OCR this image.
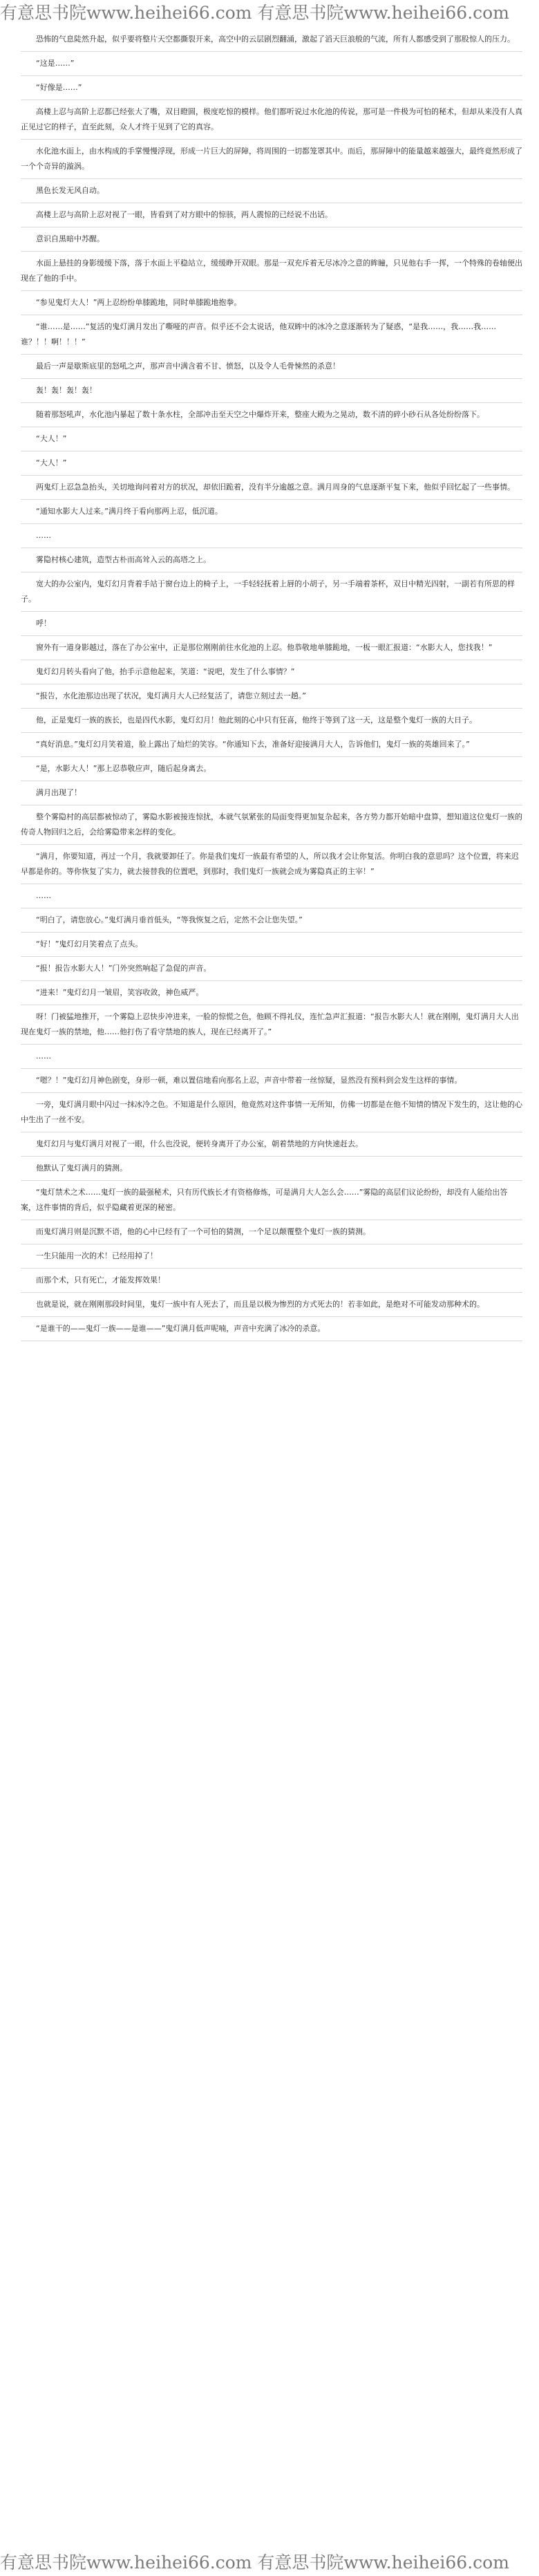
有意思书院www.heihei66.com 有意思书院www.heihei66.com
恐怖的气息陡然升起，似乎要将整片天空都撕裂开来，高空中的云层剧烈翻涌，激起了滔天巨浪般的气流，所有人都感受到了那股惊人的压力。
“这是……”
“好像是……”
高楼上忍与高阶上忍都已经张大了嘴，双目瞪圆，极度吃惊的模样。他们都听说过水化池的传说，那可是一件极为可怕的秘术，但却从来没有人真正见过它的样子，直至此刻，众人才终于见到了它的真容。
水化池水面上，由水构成的手掌慢慢浮现，形成一片巨大的屏障，将周围的一切都笼罩其中。而后，那屏障中的能量越来越强大，最终竟然形成了一个个奇异的漩涡。
黑色长发无风自动。
高楼上忍与高阶上忍对视了一眼，皆看到了对方眼中的惊骇，两人震惊的已经说不出话。
意识自黑暗中苏醒。
水面上悬挂的身影缓缓下落，落于水面上平稳站立，缓缓睁开双眼。那是一双充斥着无尽冰冷之意的眸瞳，只见他右手一挥，一个特殊的卷轴便出现在了他的手中。
“参见鬼灯大人！”两上忍纷纷单膝跪地，同时单膝跪地抱拳。
“谁……是……”复活的鬼灯满月发出了嘶哑的声音。似乎还不会太说话，他双眸中的冰冷之意逐渐转为了疑惑，“是我……，我……我……谁？！！啊！！！”
最后一声是歇斯底里的怒吼之声，那声音中满含着不甘、愤怒，以及令人毛骨悚然的杀意！
轰！轰！轰！轰！
随着那怒吼声，水化池内暴起了数十条水柱，全部冲击至天空之中爆炸开来，整座大殿为之晃动，数不清的碎小砂石从各处纷纷落下。
“大人！”
“大人！”
两鬼灯上忍急急抬头，关切地询问着对方的状况，却依旧跪着，没有半分逾越之意。满月周身的气息逐渐平复下来，他似乎回忆起了一些事情。
“通知水影大人过来。”满月终于看向那两上忍，低沉道。
……
雾隐村核心建筑，造型古朴而高耸入云的高塔之上。
宽大的办公室内，鬼灯幻月背着手站于窗台边上的椅子上，一手轻轻抚着上唇的小胡子，另一手端着茶杯，双目中精光四射，一副若有所思的样子。
呼！
窗外有一道身影越过，落在了办公室中，正是那位刚刚前往水化池的上忍。他恭敬地单膝跪地，一板一眼汇报道：“水影大人，您找我！”
鬼灯幻月转头看向了他，抬手示意他起来，笑道：“说吧，发生了什么事情？”
“报告，水化池那边出现了状况，鬼灯满月大人已经复活了，请您立刻过去一趟。”
他，正是鬼灯一族的族长，也是四代水影，鬼灯幻月！他此刻的心中只有狂喜，他终于等到了这一天，这是整个鬼灯一族的大日子。
“真好消息。”鬼灯幻月笑着道，脸上露出了灿烂的笑容。“你通知下去，准备好迎接满月大人，告诉他们，鬼灯一族的英雄回来了。”
“是，水影大人！”那上忍恭敬应声，随后起身离去。
满月出现了！
整个雾隐村的高层都被惊动了，雾隐水影被接连惊扰，本就气氛紧张的局面变得更加复杂起来，各方势力都开始暗中盘算，想知道这位鬼灯一族的传奇人物回归之后，会给雾隐带来怎样的变化。
“满月，你要知道，再过一个月，我就要卸任了。你是我们鬼灯一族最有希望的人，所以我才会让你复活。你明白我的意思吗？这个位置，将来迟早都是你的。等你恢复了实力，就去接替我的位置吧，到那时，我们鬼灯一族就会成为雾隐真正的主宰！”
……
“明白了，请您放心。”鬼灯满月垂首低头，“等我恢复之后，定然不会让您失望。”
“好！”鬼灯幻月笑着点了点头。
“报！报告水影大人！”门外突然响起了急促的声音。
“进来！”鬼灯幻月一皱眉，笑容收敛，神色威严。
呀！门被猛地推开，一个雾隐上忍快步冲进来，一脸的惊慌之色，他顾不得礼仪，连忙急声汇报道：“报告水影大人！就在刚刚，鬼灯满月大人出现在鬼灯一族的禁地，他……他打伤了看守禁地的族人，现在已经离开了。”
……
“嗯？！”鬼灯幻月神色剧变，身形一顿，难以置信地看向那名上忍，声音中带着一丝惊疑，显然没有预料到会发生这样的事情。
一旁，鬼灯满月眼中闪过一抹冰冷之色。不知道是什么原因，他竟然对这件事情一无所知，仿佛一切都是在他不知情的情况下发生的，这让他的心中生出了一丝不安。
鬼灯幻月与鬼灯满月对视了一眼，什么也没说，便转身离开了办公室，朝着禁地的方向快速赶去。
他默认了鬼灯满月的猜测。
“鬼灯禁术之术……鬼灯一族的最强秘术，只有历代族长才有资格修炼，可是满月大人怎么会……”雾隐的高层们议论纷纷，却没有人能给出答案，这件事情的背后，似乎隐藏着更深的秘密。
而鬼灯满月则是沉默不语，他的心中已经有了一个可怕的猜测，一个足以颠覆整个鬼灯一族的猜测。
一生只能用一次的术！已经用掉了！
而那个术，只有死亡，才能发挥效果！
也就是说，就在刚刚那段时间里，鬼灯一族中有人死去了，而且是以极为惨烈的方式死去的！若非如此，是绝对不可能发动那种术的。
“是谁干的——鬼灯一族——是谁——”鬼灯满月低声呢喃，声音中充满了冰冷的杀意。
有意思书院www.heihei66.com 有意思书院www.heihei66.com
